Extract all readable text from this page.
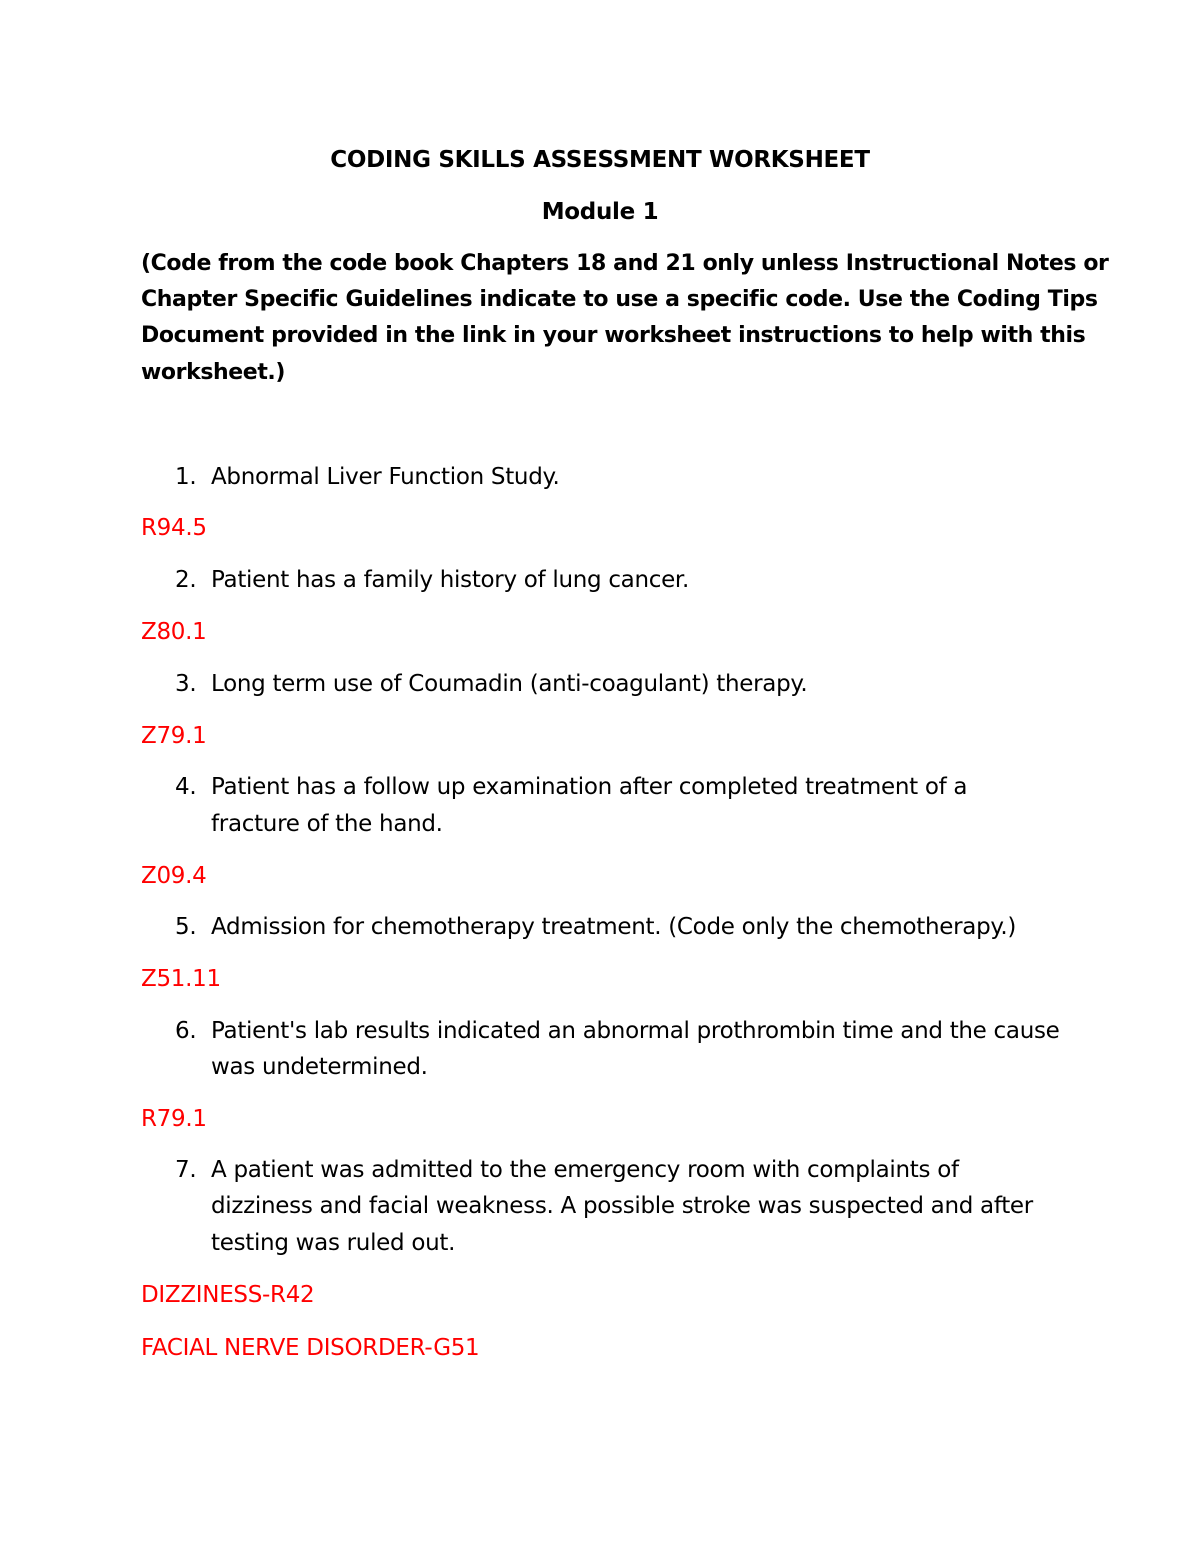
CODING SKILLS ASSESSMENT WORKSHEET
Module 1
(Code from the code book Chapters 18 and 21 only unless Instructional Notes or
Chapter Specific Guidelines indicate to use a specific code. Use the Coding Tips
Document provided in the link in your worksheet instructions to help with this
worksheet.)
1. Abnormal Liver Function Study.
R94.5
2. Patient has a family history of lung cancer.
Z80.1
3. Long term use of Coumadin (anti-coagulant) therapy.
Z79.1
4. Patient has a follow up examination after completed treatment of a
fracture of the hand.
Z09.4
5. Admission for chemotherapy treatment. (Code only the chemotherapy.)
Z51.11
6. Patient's lab results indicated an abnormal prothrombin time and the cause
was undetermined.
R79.1
7. A patient was admitted to the emergency room with complaints of
dizziness and facial weakness. A possible stroke was suspected and after
testing was ruled out.
DIZZINESS-R42
FACIAL NERVE DISORDER-G51
